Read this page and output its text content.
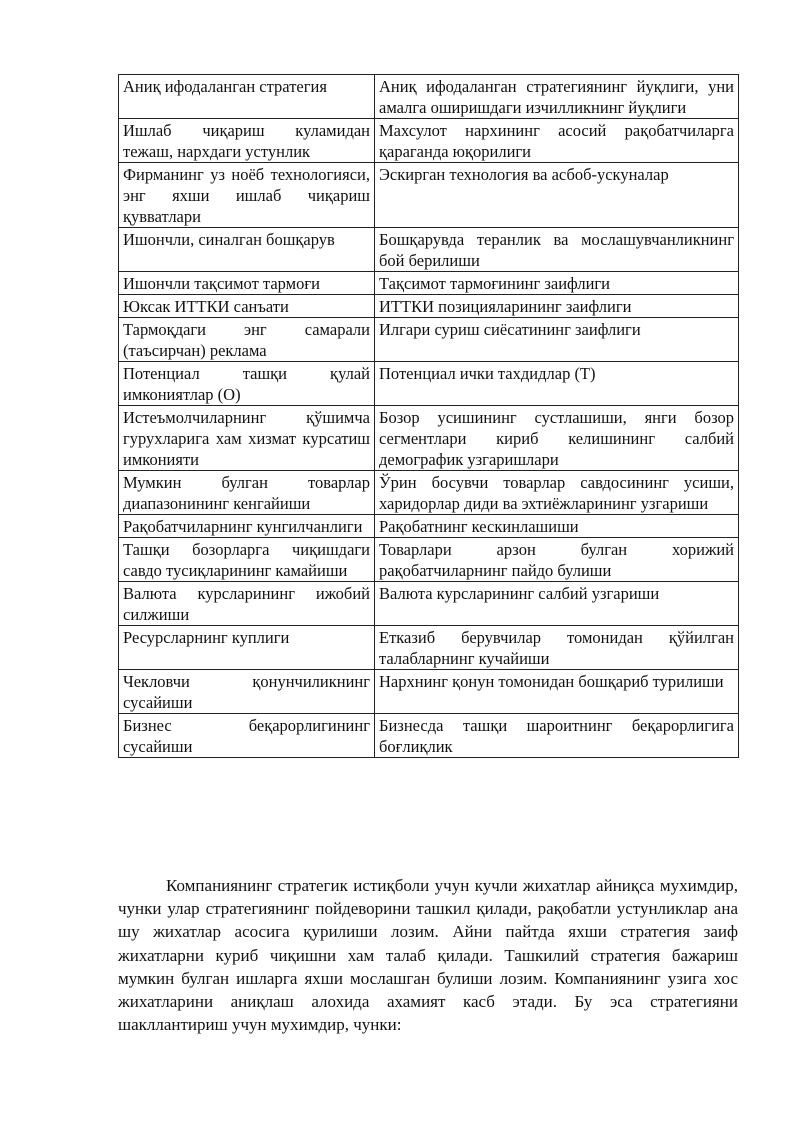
Аниқ ифодаланган стратегия	Аниқ ифодаланган стратегиянинг йуқлиги, уни амалга оширишдаги изчилликнинг йуқлиги
Ишлаб чиқариш куламидан тежаш, нархдаги устунлик	Махсулот нархининг асосий рақобатчиларга қараганда юқорилиги
Фирманинг уз ноёб технологияси, энг яхши ишлаб чиқариш қувватлари	Эскирган технология ва асбоб-ускуналар
Ишончли, синалган бошқарув	Бошқарувда теранлик ва мослашувчанликнинг бой берилиши
Ишончли тақсимот тармоғи	Тақсимот тармоғининг заифлиги
Юксак ИТТКИ санъати	ИТТКИ позицияларининг заифлиги
Тармоқдаги энг самарали (таъсирчан) реклама	Илгари суриш сиёсатининг заифлиги
Потенциал ташқи қулай имкониятлар (О)	Потенциал ички тахдидлар (Т)
Истеъмолчиларнинг қўшимча гурухларига хам хизмат курсатиш имконияти	Бозор усишининг сустлашиши, янги бозор сегментлари кириб келишининг салбий демографик узгаришлари
Мумкин булган товарлар диапазонининг кенгайиши	Ўрин босувчи товарлар савдосининг усиши, харидорлар диди ва эхтиёжларининг узгариши
Рақобатчиларнинг кунгилчанлиги	Рақобатнинг кескинлашиши
Ташқи бозорларга чиқишдаги савдо тусиқларининг камайиши	Товарлари арзон булган хорижий рақобатчиларнинг пайдо булиши
Валюта курсларининг ижобий силжиши	Валюта курсларининг салбий узгариши
Ресурсларнинг куплиги	Етказиб берувчилар томонидан қўйилган талабларнинг кучайиши
Чекловчи қонунчиликнинг сусайиши	Нархнинг қонун томонидан бошқариб турилиши
Бизнес беқарорлигининг сусайиши	Бизнесда ташқи шароитнинг беқарорлигига боғлиқлик

Компаниянинг стратегик истиқболи учун кучли жихатлар айниқса мухимдир, чунки улар стратегиянинг пойдеворини ташкил қилади, рақобатли устунликлар ана шу жихатлар асосига қурилиши лозим. Айни пайтда яхши стратегия заиф жихатларни куриб чиқишни хам талаб қилади. Ташкилий стратегия бажариш мумкин булган ишларга яхши мослашган булиши лозим. Компаниянинг узига хос жихатларини аниқлаш алохида ахамият касб этади. Бу эса стратегияни шакллантириш учун мухимдир, чунки:
